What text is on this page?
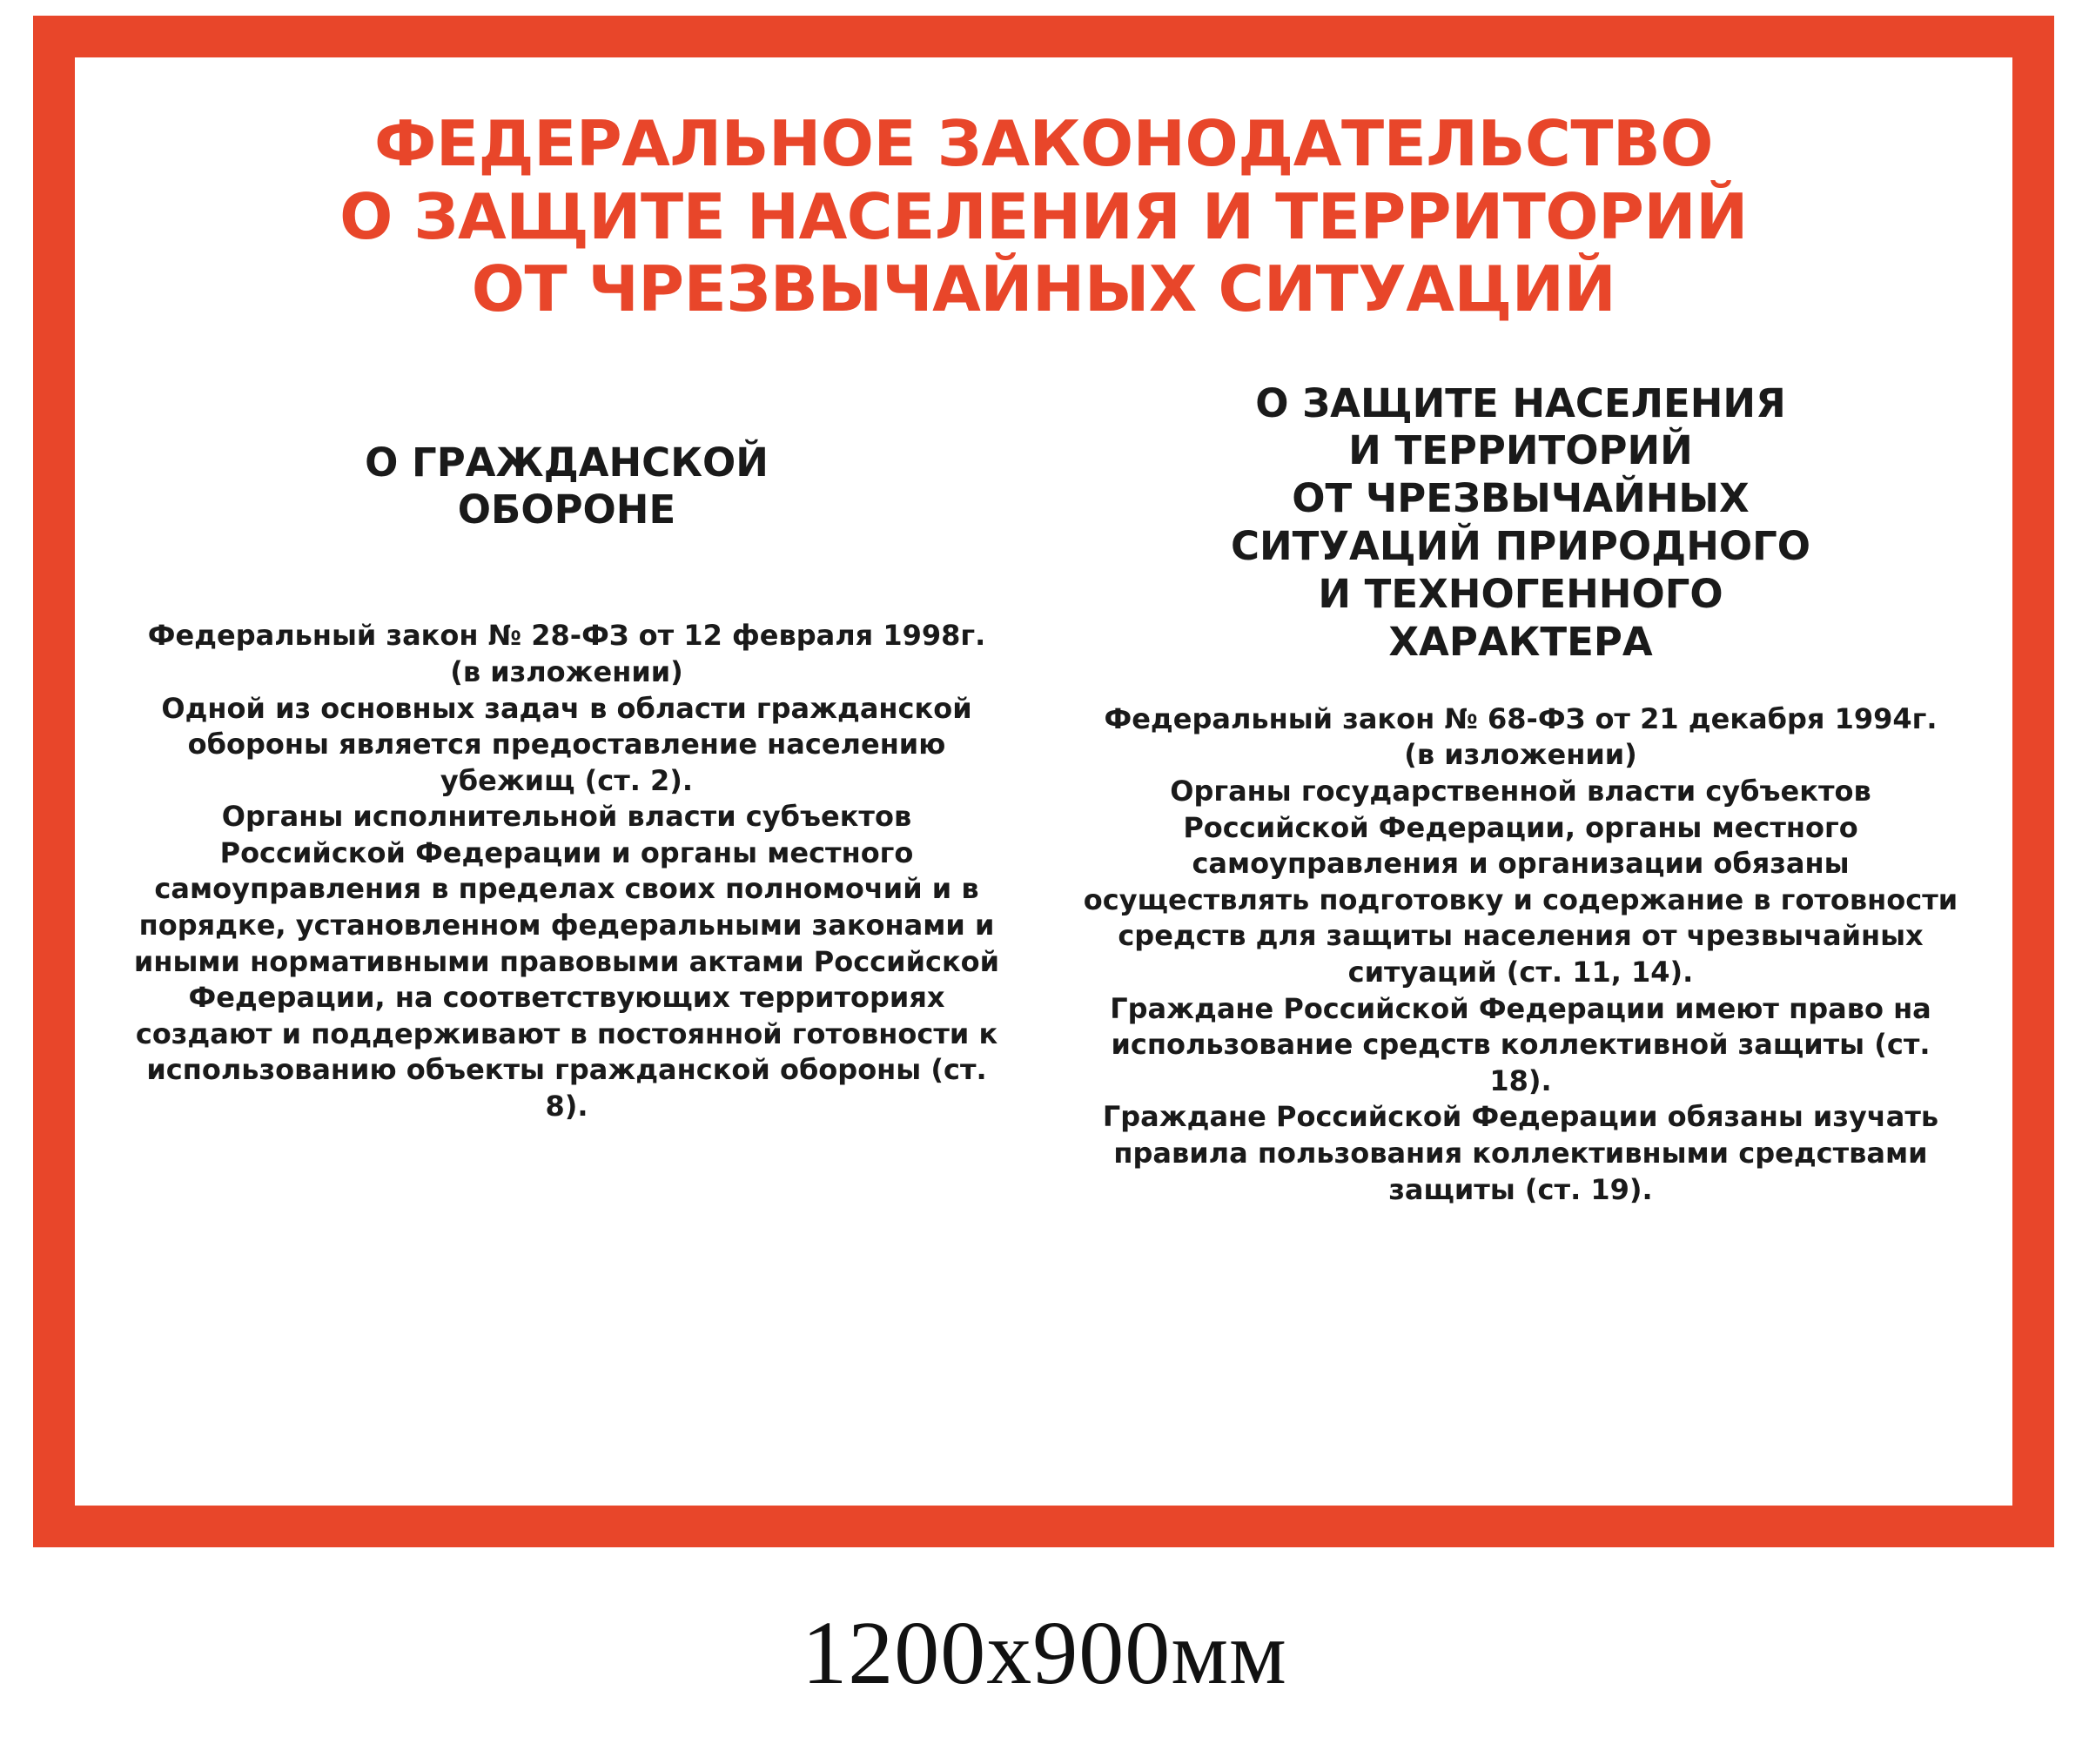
ФЕДЕРАЛЬНОЕ ЗАКОНОДАТЕЛЬСТВО
О ЗАЩИТЕ НАСЕЛЕНИЯ И ТЕРРИТОРИЙ
ОТ ЧРЕЗВЫЧАЙНЫХ СИТУАЦИЙ
О ГРАЖДАНСКОЙ
ОБОРОНЕ

Федеральный закон № 28-ФЗ от 12 февраля 1998г.

(в изложении)

Одной из основных задач в области гражданской обороны является предоставление населению убежищ (ст. 2).

Органы исполнительной власти субъектов Российской Федерации и органы местного самоуправления в пределах своих полномочий и в порядке, установленном федеральными законами и иными нормативными правовыми актами Российской Федерации, на соответствующих территориях создают и поддерживают в постоянной готовности к использованию объекты гражданской обороны (ст. 8).

О ЗАЩИТЕ НАСЕЛЕНИЯ
И ТЕРРИТОРИЙ
ОТ ЧРЕЗВЫЧАЙНЫХ
СИТУАЦИЙ ПРИРОДНОГО
И ТЕХНОГЕННОГО
ХАРАКТЕРА

Федеральный закон № 68-ФЗ от 21 декабря 1994г.

(в изложении)

Органы государственной власти субъектов Российской Федерации, органы местного самоуправления и организации обязаны осуществлять подготовку и содержание в готовности средств для защиты населения от чрезвычайных ситуаций (ст. 11, 14).

Граждане Российской Федерации имеют право на использование средств коллективной защиты (ст. 18).

Граждане Российской Федерации обязаны изучать правила пользования коллективными средствами защиты (ст. 19).

1200х900мм
